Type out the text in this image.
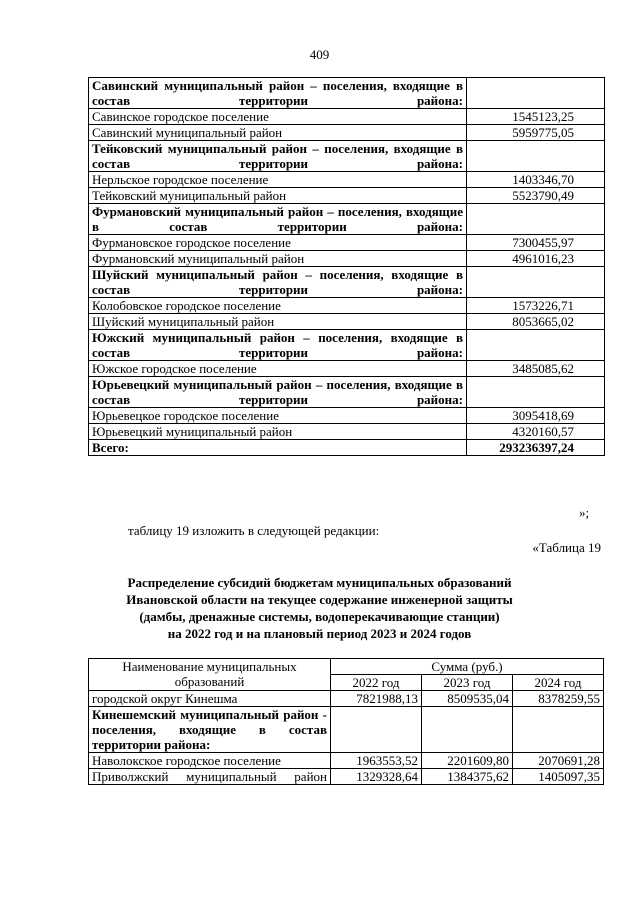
409
Савинский муниципальный район – поселения, входящие в состав территории района:	
Савинское городское поселение	1545123,25
Савинский муниципальный район	5959775,05
Тейковский муниципальный район – поселения, входящие в состав территории района:	
Нерльское городское поселение	1403346,70
Тейковский муниципальный район	5523790,49
Фурмановский муниципальный район – поселения, входящие в состав территории района:	
Фурмановское городское поселение	7300455,97
Фурмановский муниципальный район	4961016,23
Шуйский муниципальный район – поселения, входящие в состав территории района:	
Колобовское городское поселение	1573226,71
Шуйский муниципальный район	8053665,02
Южский муниципальный район – поселения, входящие в состав территории района:	
Южское городское поселение	3485085,62
Юрьевецкий муниципальный район – поселения, входящие в состав территории района:	
Юрьевецкое городское поселение	3095418,69
Юрьевецкий муниципальный район	4320160,57
Всего:	293236397,24
»;
таблицу 19 изложить в следующей редакции:
«Таблица 19
Распределение субсидий бюджетам муниципальных образований
Ивановской области на текущее содержание инженерной защиты
(дамбы, дренажные системы, водоперекачивающие станции)
на 2022 год и на плановый период 2023 и 2024 годов
Наименование муниципальных образований	Сумма (руб.)		
	2022 год	2023 год	2024 год
городской округ Кинешма	7821988,13	8509535,04	8378259,55
Кинешемский муниципальный район - поселения, входящие в состав территории района:			
Наволокское городское поселение	1963553,52	2201609,80	2070691,28
Приволжский муниципальный район	1329328,64	1384375,62	1405097,35
